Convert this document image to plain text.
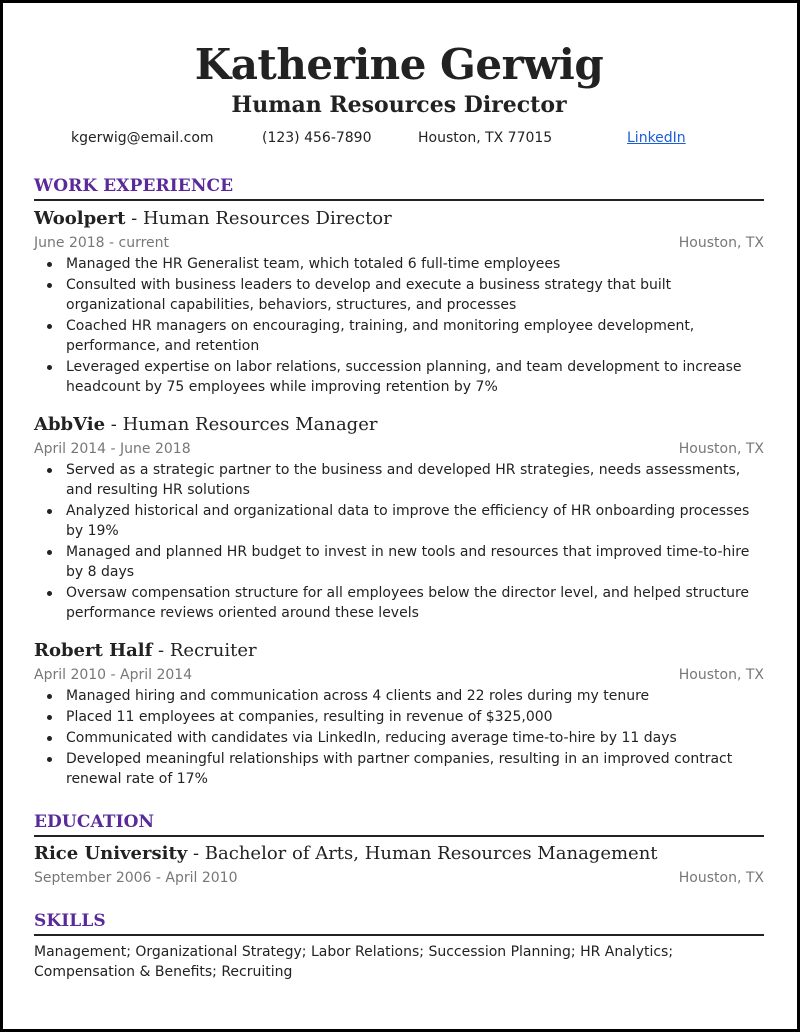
Katherine Gerwig
Human Resources Director
kgerwig@email.com	(123) 456-7890	Houston, TX 77015	LinkedIn
WORK EXPERIENCE
Woolpert - Human Resources Director
June 2018 - current	Houston, TX
Managed the HR Generalist team, which totaled 6 full-time employees
Consulted with business leaders to develop and execute a business strategy that built organizational capabilities, behaviors, structures, and processes
Coached HR managers on encouraging, training, and monitoring employee development, performance, and retention
Leveraged expertise on labor relations, succession planning, and team development to increase headcount by 75 employees while improving retention by 7%
AbbVie - Human Resources Manager
April 2014 - June 2018	Houston, TX
Served as a strategic partner to the business and developed HR strategies, needs assessments, and resulting HR solutions
Analyzed historical and organizational data to improve the efficiency of HR onboarding processes by 19%
Managed and planned HR budget to invest in new tools and resources that improved time-to-hire by 8 days
Oversaw compensation structure for all employees below the director level, and helped structure performance reviews oriented around these levels
Robert Half - Recruiter
April 2010 - April 2014	Houston, TX
Managed hiring and communication across 4 clients and 22 roles during my tenure
Placed 11 employees at companies, resulting in revenue of $325,000
Communicated with candidates via LinkedIn, reducing average time-to-hire by 11 days
Developed meaningful relationships with partner companies, resulting in an improved contract renewal rate of 17%
EDUCATION
Rice University - Bachelor of Arts, Human Resources Management
September 2006 - April 2010	Houston, TX
SKILLS
Management; Organizational Strategy; Labor Relations; Succession Planning; HR Analytics; Compensation & Benefits; Recruiting
